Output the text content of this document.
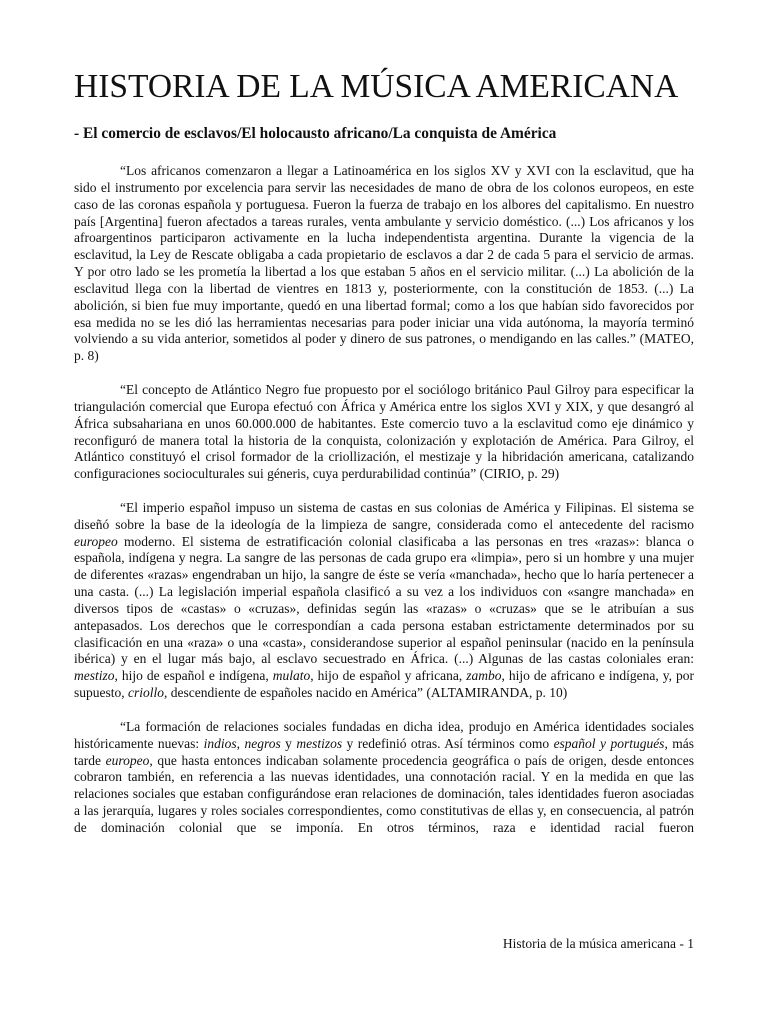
HISTORIA DE LA MÚSICA AMERICANA
- El comercio de esclavos/El holocausto africano/La conquista de América

“Los africanos comenzaron a llegar a Latinoamérica en los siglos XV y XVI con la esclavitud, que ha sido el instrumento por excelencia para servir las necesidades de mano de obra de los colonos europeos, en este caso de las coronas española y portuguesa. Fueron la fuerza de trabajo en los albores del capitalismo. En nuestro país [Argentina] fueron afectados a tareas rurales, venta ambulante y servicio doméstico. (...) Los africanos y los afroargentinos participaron activamente en la lucha independentista argentina. Durante la vigencia de la esclavitud, la Ley de Rescate obligaba a cada propietario de esclavos a dar 2 de cada 5 para el servicio de armas. Y por otro lado se les prometía la libertad a los que estaban 5 años en el servicio militar. (...) La abolición de la esclavitud llega con la libertad de vientres en 1813 y, posteriormente, con la constitución de 1853. (...) La abolición, si bien fue muy importante, quedó en una libertad formal; como a los que habían sido favorecidos por esa medida no se les dió las herramientas necesarias para poder iniciar una vida autónoma, la mayoría terminó volviendo a su vida anterior, sometidos al poder y dinero de sus patrones, o mendigando en las calles.” (MATEO, p. 8)

“El concepto de Atlántico Negro fue propuesto por el sociólogo británico Paul Gilroy para especificar la triangulación comercial que Europa efectuó con África y América entre los siglos XVI y XIX, y que desangró al África subsahariana en unos 60.000.000 de habitantes. Este comercio tuvo a la esclavitud como eje dinámico y reconfiguró de manera total la historia de la conquista, colonización y explotación de América. Para Gilroy, el Atlántico constituyó el crisol formador de la criollización, el mestizaje y la hibridación americana, catalizando configuraciones socioculturales sui géneris, cuya perdurabilidad continúa” (CIRIO, p. 29)

“El imperio español impuso un sistema de castas en sus colonias de América y Filipinas. El sistema se diseñó sobre la base de la ideología de la limpieza de sangre, considerada como el antecedente del racismo europeo moderno. El sistema de estratificación colonial clasificaba a las personas en tres «razas»: blanca o española, indígena y negra. La sangre de las personas de cada grupo era «limpia», pero si un hombre y una mujer de diferentes «razas» engendraban un hijo, la sangre de éste se vería «manchada», hecho que lo haría pertenecer a una casta. (...) La legislación imperial española clasificó a su vez a los individuos con «sangre manchada» en diversos tipos de «castas» o «cruzas», definidas según las «razas» o «cruzas» que se le atribuían a sus antepasados. Los derechos que le correspondían a cada persona estaban estrictamente determinados por su clasificación en una «raza» o una «casta», considerandose superior al español peninsular (nacido en la península ibérica) y en el lugar más bajo, al esclavo secuestrado en África. (...) Algunas de las castas coloniales eran: mestizo, hijo de español e indígena, mulato, hijo de español y africana, zambo, hijo de africano e indígena, y, por supuesto, criollo, descendiente de españoles nacido en América” (ALTAMIRANDA, p. 10)

“La formación de relaciones sociales fundadas en dicha idea, produjo en América identidades sociales históricamente nuevas: indios, negros y mestizos y redefinió otras. Así términos como español y portugués, más tarde europeo, que hasta entonces indicaban solamente procedencia geográfica o país de origen, desde entonces cobraron también, en referencia a las nuevas identidades, una connotación racial. Y en la medida en que las relaciones sociales que estaban configurándose eran relaciones de dominación, tales identidades fueron asociadas a las jerarquía, lugares y roles sociales correspondientes, como constitutivas de ellas y, en consecuencia, al patrón de dominación colonial que se imponía. En otros términos, raza e identidad racial fueron

Historia de la música americana - 1
